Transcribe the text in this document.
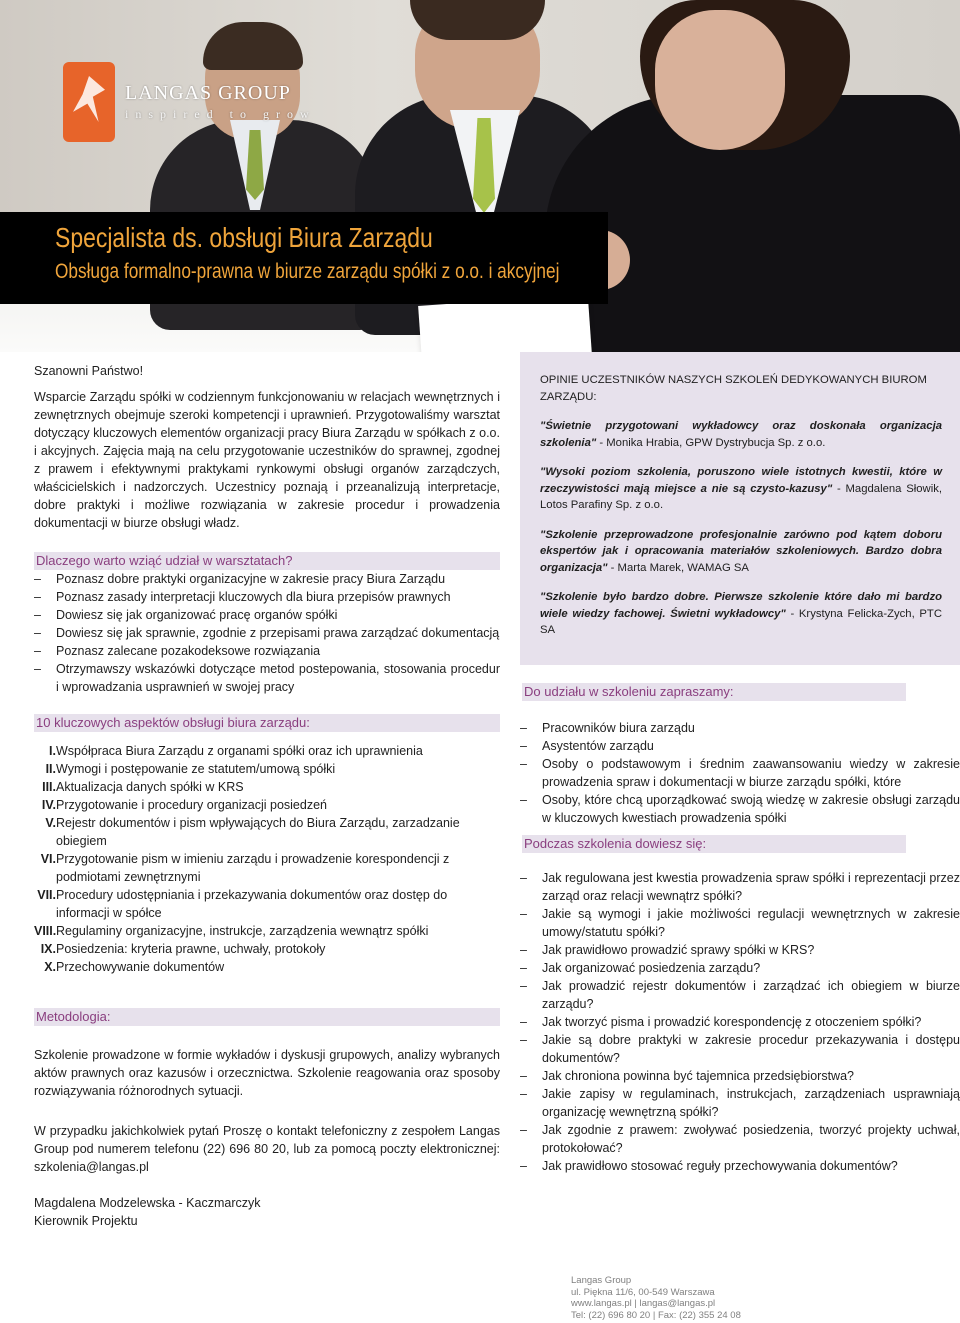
LANGAS GROUP
inspired to grow
Specjalista ds. obsługi Biura Zarządu
Obsługa formalno-prawna w biurze zarządu spółki z o.o. i akcyjnej

Szanowni Państwo!

Wsparcie Zarządu spółki w codziennym funkcjonowaniu w relacjach wewnętrznych i zewnętrznych obejmuje szeroki kompetencji i uprawnień. Przygotowaliśmy warsztat dotyczący kluczowych elementów organizacji pracy Biura Zarządu w spółkach z o.o. i akcyjnych. Zajęcia mają na celu przygotowanie uczestników do sprawnej, zgodnej z prawem i efektywnymi praktykami rynkowymi obsługi organów zarządczych, właścicielskich i nadzorczych. Uczestnicy poznają i przeanalizują interpretacje, dobre praktyki i możliwe rozwiązania w zakresie procedur i prowadzenia dokumentacji w biurze obsługi władz.

Dlaczego warto wziąć udział w warsztatach?
–	Poznasz dobre praktyki organizacyjne w zakresie pracy Biura Zarządu
–	Poznasz zasady interpretacji kluczowych dla biura przepisów prawnych
–	Dowiesz się jak organizować pracę organów spółki
–	Dowiesz się jak sprawnie, zgodnie z przepisami prawa zarządzać dokumentacją
–	Poznasz zalecane pozakodeksowe rozwiązania
–	Otrzymawszy wskazówki dotyczące metod postepowania, stosowania procedur i wprowadzania usprawnień w swojej pracy
10 kluczowych aspektów obsługi biura zarządu:
I. Współpraca Biura Zarządu z organami spółki oraz ich uprawnienia
II. Wymogi i postępowanie ze statutem/umową spółki
III. Aktualizacja danych spółki w KRS
IV. Przygotowanie i procedury organizacji posiedzeń
V. Rejestr dokumentów i pism wpływających do Biura Zarządu, zarzadzanie obiegiem
VI. Przygotowanie pism w imieniu zarządu i prowadzenie korespondencji z podmiotami zewnętrznymi
VII. Procedury udostępniania i przekazywania dokumentów oraz dostęp do informacji w spółce
VIII. Regulaminy organizacyjne, instrukcje, zarządzenia wewnątrz spółki
IX. Posiedzenia: kryteria prawne, uchwały, protokoły
X. Przechowywanie dokumentów
Metodologia:

Szkolenie prowadzone w formie wykładów i dyskusji grupowych, analizy wybranych aktów prawnych oraz kazusów i orzecznictwa. Szkolenie reagowania oraz sposoby rozwiązywania różnorodnych sytuacji.

W przypadku jakichkolwiek pytań Proszę o kontakt telefoniczny z zespołem Langas Group pod numerem telefonu (22) 696 80 20, lub za pomocą poczty elektronicznej: szkolenia@langas.pl

Magdalena Modzelewska - Kaczmarczyk
Kierownik Projektu
OPINIE UCZESTNIKÓW NASZYCH SZKOLEŃ DEDYKOWANYCH BIUROM ZARZĄDU:

"Świetnie przygotowani wykładowcy oraz doskonała organizacja szkolenia" - Monika Hrabia, GPW Dystrybucja Sp. z o.o.

"Wysoki poziom szkolenia, poruszono wiele istotnych kwestii, które w rzeczywistości mają miejsce a nie są czysto-kazusy" - Magdalena Słowik, Lotos Parafiny Sp. z o.o.

"Szkolenie przeprowadzone profesjonalnie zarówno pod kątem doboru ekspertów jak i opracowania materiałów szkoleniowych. Bardzo dobra organizacja" - Marta Marek, WAMAG SA

"Szkolenie było bardzo dobre. Pierwsze szkolenie które dało mi bardzo wiele wiedzy fachowej. Świetni wykładowcy" - Krystyna Felicka-Zych, PTC SA

Do udziału w szkoleniu zapraszamy:
–	Pracowników biura zarządu
–	Asystentów zarządu
–	Osoby o podstawowym i średnim zaawansowaniu wiedzy w zakresie prowadzenia spraw i dokumentacji w biurze zarządu spółki, które
–	Osoby, które chcą uporządkować swoją wiedzę w zakresie obsługi zarządu w kluczowych kwestiach prowadzenia spółki
Podczas szkolenia dowiesz się:
–	Jak regulowana jest kwestia prowadzenia spraw spółki i reprezentacji przez zarząd oraz relacji wewnątrz spółki?
–	Jakie są wymogi i jakie możliwości regulacji wewnętrznych w zakresie umowy/statutu spółki?
–	Jak prawidłowo prowadzić sprawy spółki w KRS?
–	Jak organizować posiedzenia zarządu?
–	Jak prowadzić rejestr dokumentów i zarządzać ich obiegiem w biurze zarządu?
–	Jak tworzyć pisma i prowadzić korespondencję z otoczeniem spółki?
–	Jakie są dobre praktyki w zakresie procedur przekazywania i dostępu dokumentów?
–	Jak chroniona powinna być tajemnica przedsiębiorstwa?
–	Jakie zapisy w regulaminach, instrukcjach, zarządzeniach usprawniają organizację wewnętrzną spółki?
–	Jak zgodnie z prawem: zwoływać posiedzenia, tworzyć projekty uchwał, protokołować?
–	Jak prawidłowo stosować reguły przechowywania dokumentów?
Langas Group
ul. Piękna 11/6, 00-549 Warszawa
www.langas.pl | langas@langas.pl
Tel: (22) 696 80 20 | Fax: (22) 355 24 08
